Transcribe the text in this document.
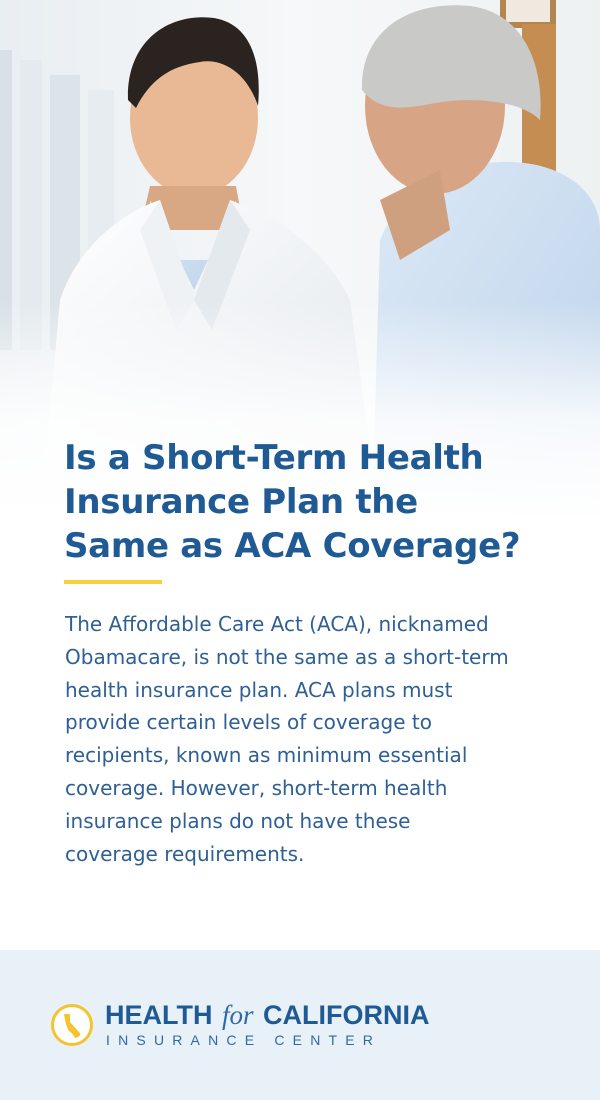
Is a Short-Term Health
Insurance Plan the
Same as ACA Coverage?

The Affordable Care Act (ACA), nicknamed
Obamacare, is not the same as a short-term
health insurance plan. ACA plans must
provide certain levels of coverage to
recipients, known as minimum essential
coverage. However, short-term health
insurance plans do not have these
coverage requirements.

HEALTH for CALIFORNIA
INSURANCE CENTER
